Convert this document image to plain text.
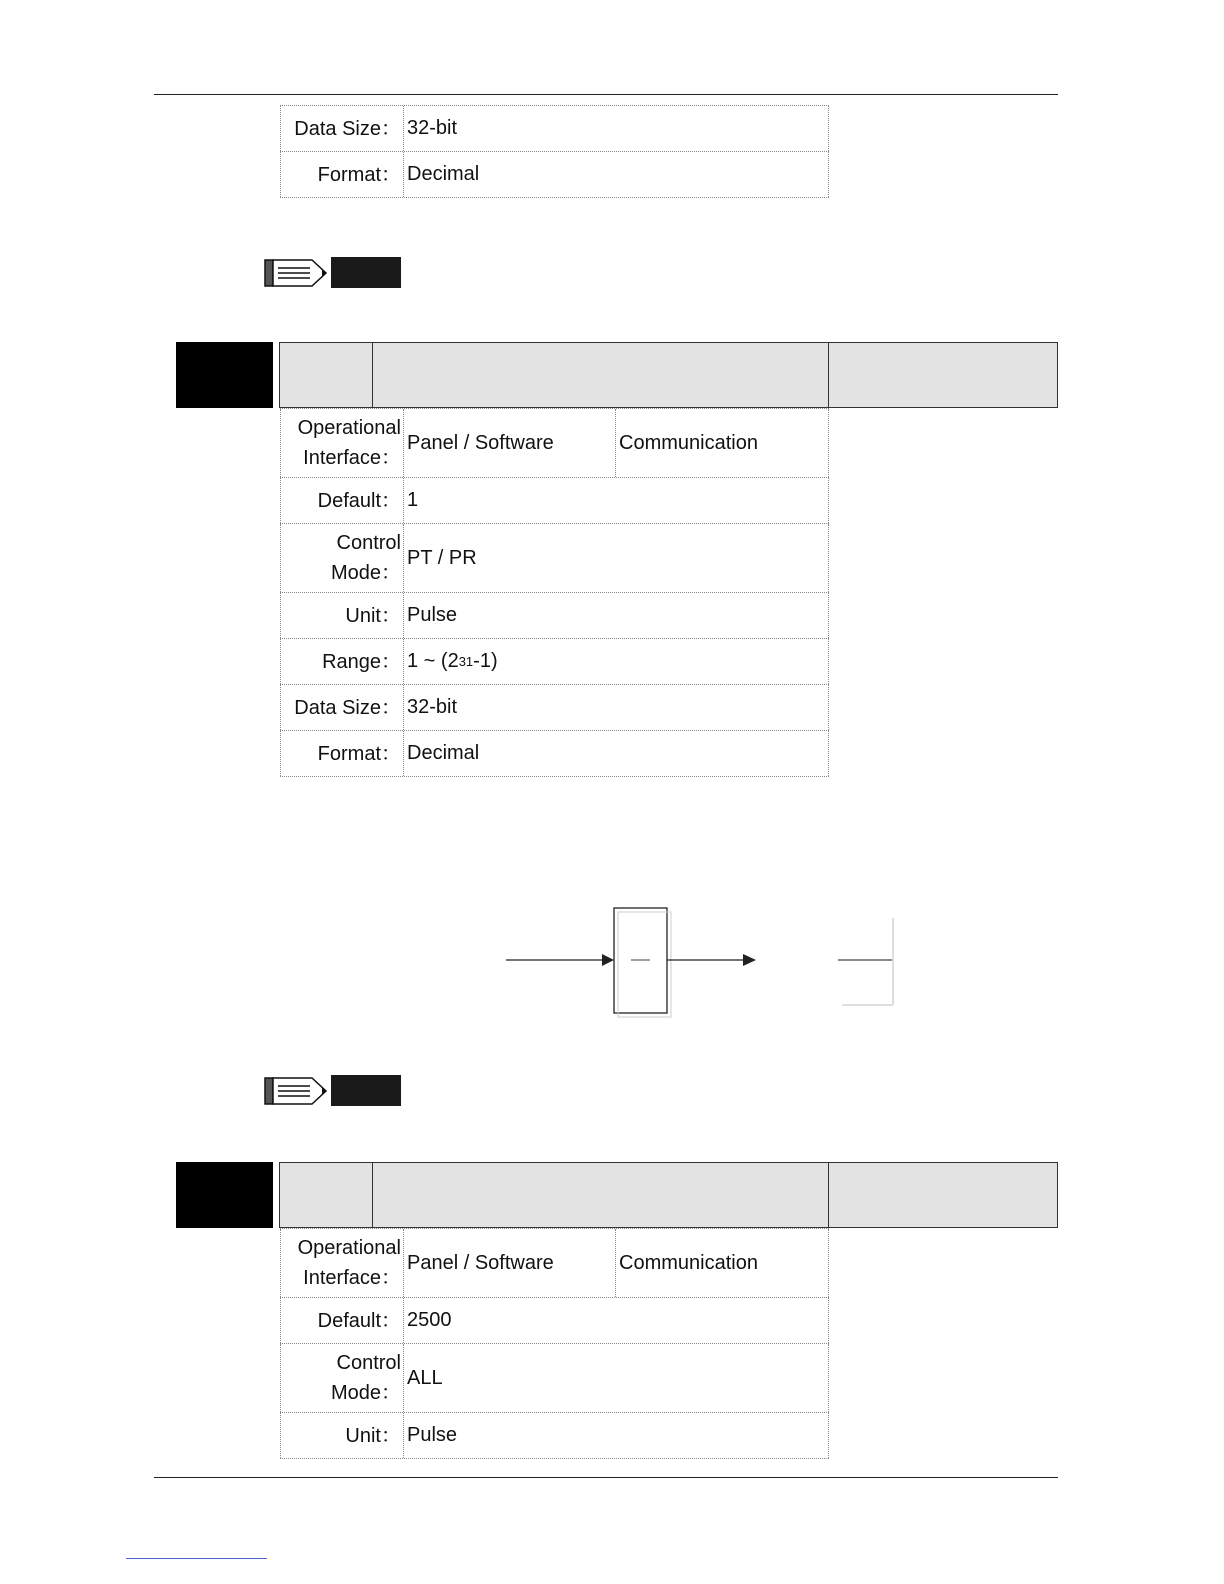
Data Size： 32-bit
Format： Decimal
Operational
Interface：
Panel / Software	Communication
Default： 1
Control
Mode：
PT / PR
Unit： Pulse
Range： 1 ~ (2 31 -1)
Data Size： 32-bit
Format： Decimal
Operational
Interface：
Panel / Software	Communication
Default： 2500
Control
Mode：
ALL
Unit： Pulse
